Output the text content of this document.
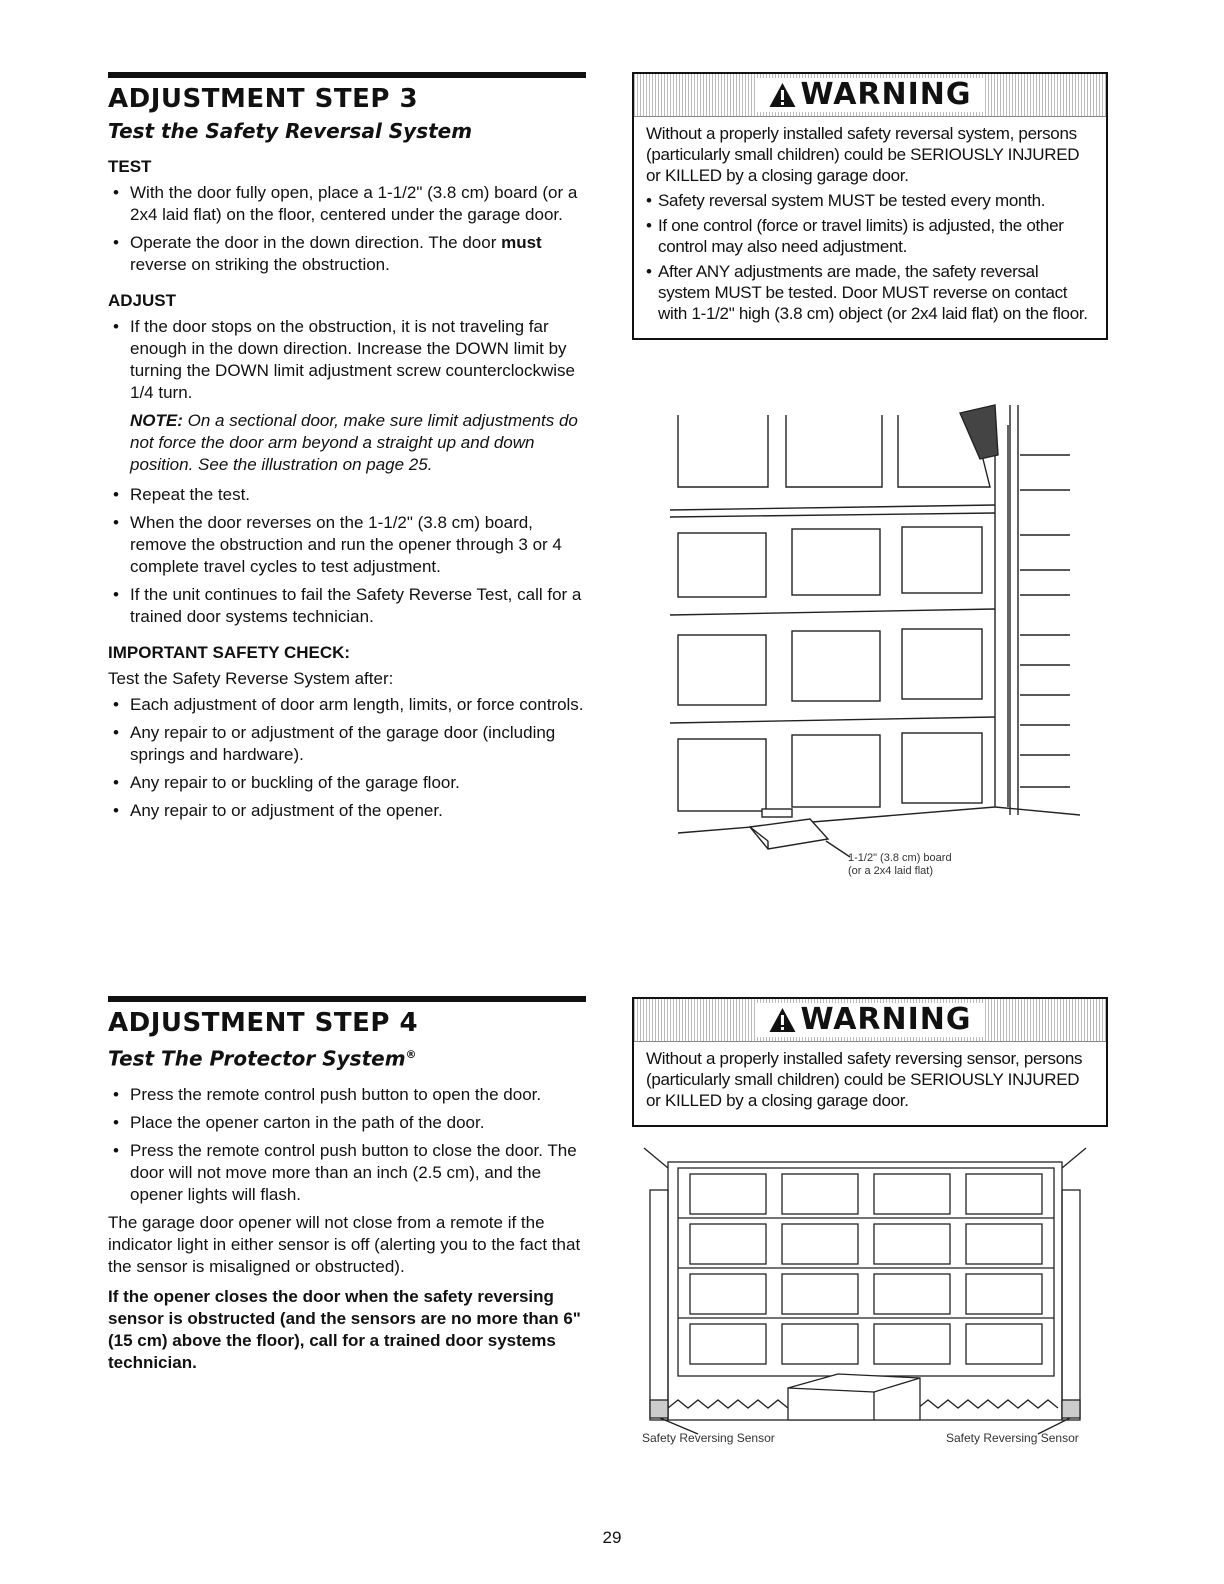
ADJUSTMENT STEP 3
Test the Safety Reversal System
TEST
• With the door fully open, place a 1-1/2" (3.8 cm) board (or a 2x4 laid flat) on the floor, centered under the garage door.
• Operate the door in the down direction. The door must reverse on striking the obstruction.
ADJUST
• If the door stops on the obstruction, it is not traveling far enough in the down direction. Increase the DOWN limit by turning the DOWN limit adjustment screw counterclockwise 1/4 turn.
NOTE: On a sectional door, make sure limit adjustments do not force the door arm beyond a straight up and down position. See the illustration on page 25.
• Repeat the test.
• When the door reverses on the 1-1/2" (3.8 cm) board, remove the obstruction and run the opener through 3 or 4 complete travel cycles to test adjustment.
• If the unit continues to fail the Safety Reverse Test, call for a trained door systems technician.
IMPORTANT SAFETY CHECK:

Test the Safety Reverse System after:

• Each adjustment of door arm length, limits, or force controls.
• Any repair to or adjustment of the garage door (including springs and hardware).
• Any repair to or buckling of the garage floor.
• Any repair to or adjustment of the opener.
ADJUSTMENT STEP 4
Test The Protector System®
• Press the remote control push button to open the door.
• Place the opener carton in the path of the door.
• Press the remote control push button to close the door. The door will not move more than an inch (2.5 cm), and the opener lights will flash.

The garage door opener will not close from a remote if the indicator light in either sensor is off (alerting you to the fact that the sensor is misaligned or obstructed).

If the opener closes the door when the safety reversing sensor is obstructed (and the sensors are no more than 6" (15 cm) above the floor), call for a trained door systems technician.

WARNING

Without a properly installed safety reversal system, persons (particularly small children) could be SERIOUSLY INJURED or KILLED by a closing garage door.

• Safety reversal system MUST be tested every month.
• If one control (force or travel limits) is adjusted, the other control may also need adjustment.
• After ANY adjustments are made, the safety reversal system MUST be tested. Door MUST reverse on contact with 1-1/2" high (3.8 cm) object (or 2x4 laid flat) on the floor.
1-1/2" (3.8 cm) board
(or a 2x4 laid flat)
WARNING

Without a properly installed safety reversing sensor, persons (particularly small children) could be SERIOUSLY INJURED or KILLED by a closing garage door.

Safety Reversing Sensor	Safety Reversing Sensor
29
